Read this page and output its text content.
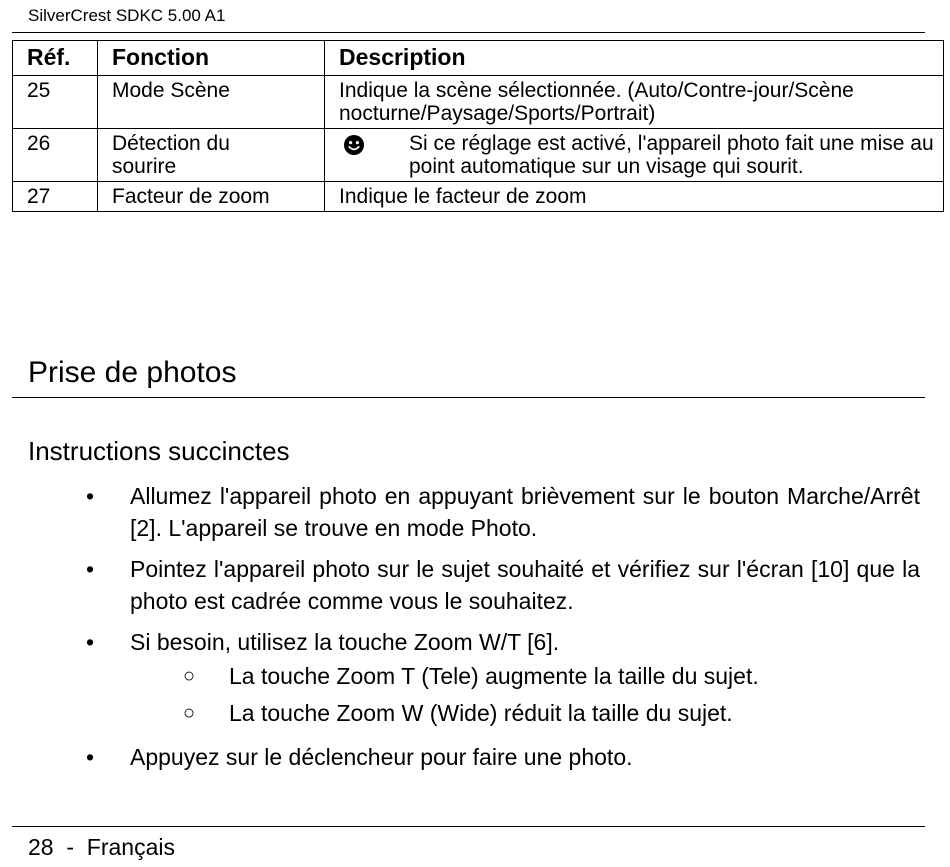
SilverCrest SDKC 5.00 A1
Réf.	Fonction	Description
25	Mode Scène	Indique la scène sélectionnée. (Auto/Contre-jour/Scène nocturne/Paysage/Sports/Portrait)
26	Détection du sourire	Si ce réglage est activé, l'appareil photo fait une mise au point automatique sur un visage qui sourit.

27	Facteur de zoom	Indique le facteur de zoom
Prise de photos
Instructions succinctes
•	Allumez l'appareil photo en appuyant brièvement sur le bouton Marche/Arrêt [2]. L'appareil se trouve en mode Photo.
•	Pointez l'appareil photo sur le sujet souhaité et vérifiez sur l'écran [10] que la photo est cadrée comme vous le souhaitez.
•	Si besoin, utilisez la touche Zoom W/T [6].
○	La touche Zoom T (Tele) augmente la taille du sujet.
○	La touche Zoom W (Wide) réduit la taille du sujet.
•	Appuyez sur le déclencheur pour faire une photo.
28  -  Français
